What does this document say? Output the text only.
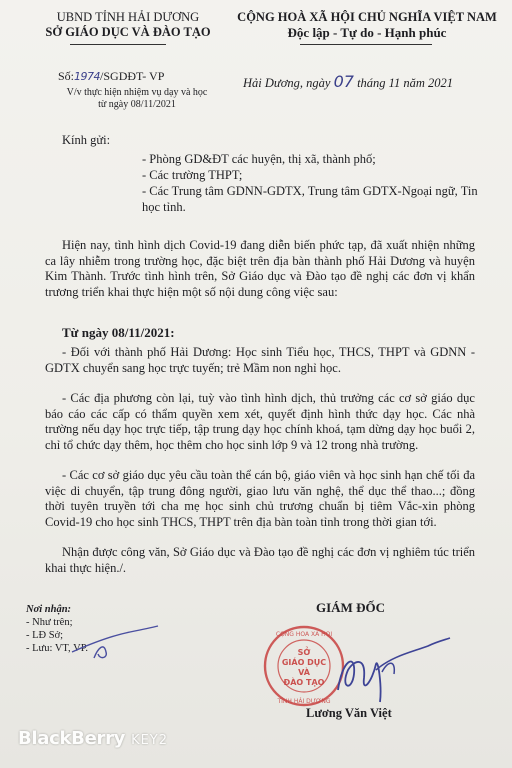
UBND TỈNH HẢI DƯƠNG
SỞ GIÁO DỤC VÀ ĐÀO TẠO
CỘNG HOÀ XÃ HỘI CHỦ NGHĨA VIỆT NAM
Độc lập - Tự do - Hạnh phúc
Số:1974/SGDĐT- VP
V/v thực hiện nhiệm vụ dạy và học
từ ngày 08/11/2021
Hải Dương, ngày 07 tháng 11 năm 2021
Kính gửi:
- Phòng GD&ĐT các huyện, thị xã, thành phố;
- Các trường THPT;
- Các Trung tâm GDNN-GDTX, Trung tâm GDTX-Ngoại ngữ, Tin học tỉnh.
Hiện nay, tình hình dịch Covid-19 đang diễn biến phức tạp, đã xuất nhiện những ca lây nhiễm trong trường học, đặc biệt trên địa bàn thành phố Hải Dương và huyện Kim Thành. Trước tình hình trên, Sở Giáo dục và Đào tạo đề nghị các đơn vị khẩn trương triển khai thực hiện một số nội dung công việc sau:
Từ ngày 08/11/2021:
- Đối với thành phố Hải Dương: Học sinh Tiểu học, THCS, THPT và GDNN - GDTX chuyển sang học trực tuyến; trẻ Mầm non nghỉ học.
- Các địa phương còn lại, tuỳ vào tình hình dịch, thủ trưởng các cơ sở giáo dục báo cáo các cấp có thẩm quyền xem xét, quyết định hình thức dạy học. Các nhà trường nếu dạy học trực tiếp, tập trung dạy học chính khoá, tạm dừng dạy học buổi 2, chỉ tổ chức dạy thêm, học thêm cho học sinh lớp 9 và 12 trong nhà trường.
- Các cơ sở giáo dục yêu cầu toàn thể cán bộ, giáo viên và học sinh hạn chế tối đa việc di chuyển, tập trung đông người, giao lưu văn nghệ, thể dục thể thao...; đồng thời tuyên truyền tới cha mẹ học sinh chủ trương chuẩn bị tiêm Vắc-xin phòng Covid-19 cho học sinh THCS, THPT trên địa bàn toàn tỉnh trong thời gian tới.
Nhận được công văn, Sở Giáo dục và Đào tạo đề nghị các đơn vị nghiêm túc triển khai thực hiện./.
Nơi nhận:
- Như trên;
- LĐ Sở;
- Lưu: VT, VP.
GIÁM ĐỐC
CỘNG HOÀ XÃ HỘI
SỞ
GIÁO DỤC
VÀ
ĐÀO TẠO
TỈNH HẢI DƯƠNG
Lương Văn Việt
BlackBerry KEY2
